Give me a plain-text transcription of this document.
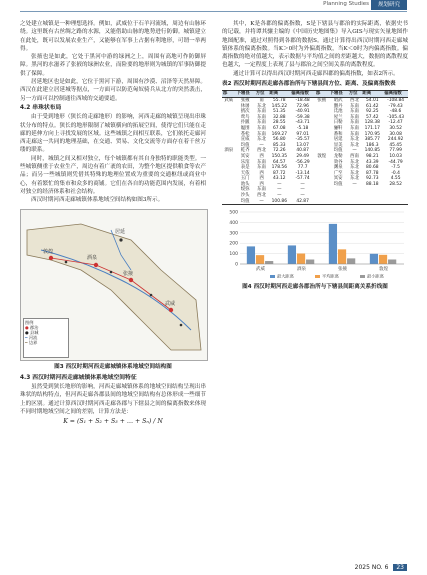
Planning Studies	规划研究

之处建立城镇是一种理想选择。例如，武威位于石羊河流域，周边有山脉环绕。这里既有古丝绸之路的水源，又能借助山脉的地势进行防御。城镇建立在此处，既可以发展农业生产，又能够在军事上占据有利地形，可谓一举两得。

张掖也是如此，它处于黑河中游的绿洲之上，周围有高地可作防御屏障。黑河的水滋养了张掖的绿洲农业，而险要的地形则为城镇的军事防御提供了保障。

居延地区也是如此，它位于黑河下游，周围有沙漠、沼泽等天然屏障。西汉在此建立居延城等据点，一方面可以防范匈奴骑兵从北方的突然袭击，另一方面可以控制通往西域的交通要道。

4.2 串珠状布局

由于受到地形（狭长的走廊地形）的影响，河西走廊的城镇呈现出串珠状分布的特点。狭长的地形限制了城镇横向的拓展空间，使得它们只能在走廊的延伸方向上寻找发展的区域。这些城镇之间相互联系，它们依托走廊河西走廊这一共同的地理基础，在交通、贸易、文化交流等方面存在着千丝万缕的联系。

同时，城镇之间又相对独立，每个城镇都有其自身独特的职能类型。一些城镇侧重于农业生产，周边有着广袤的农田，为整个地区提供粮食等农产品；而另一些城镇则凭借其特殊的地理位置成为重要的交通枢纽或商业中心，有着繁忙的集市和众多的商铺。它们在各自的功能范围内发展，有着相对独立的经济体系和社会结构。

西汉时期河西走廊城镇体系地域空间结构如图3所示。

敦煌
酒泉
张掖
武威
居延
图例
● 郡治
● 县城
━ 河流
━ 边界
图3 西汉时期河西走廊城镇体系地域空间结构图
4.3 西汉时期河西走廊城镇体系地域空间特征

虽然受到狭长地形的影响，河西走廊城镇体系的地域空间结构呈现出串珠状的结构特点，但河西走廊各郡县间的地域空间结构有总体形成一些细节上的区别。通过计算西汉时期河西走廊各郡与下辖县之间的偏离指数来体现不同时期地域空间之间的差别，计算方法是：

K = (S₁ + S₂ + S₃ + … + Sₙ) / N

其中，K是各郡的偏离指数，S是下辖县与郡治的实际距离，依据史书的记载，并将谭其骧主编的《中国历史地图集》导入GIS与现实矢量地图作地图配准，通过对照得到各郡的数据S。通过计算得出西汉时期河西走廊城镇体系的偏离指数。当K＞0时为外偏离指数，当K＜0时为内偏离指数。偏离指数的绝对值越大，表示数据与平均值之间的差距越大，数据的离散程度也越大，一定程度上表现了县与郡治之间空间关系的离散程度。

通过计算可以得出西汉时期河西走廊四郡的偏离指数，如表2所示。

表2 西汉时期河西走廊各郡治所与下辖县间方位、距离、及偏离指数表
郡	下辖县	方位	距离	偏离指数	郡	下辖县	方位	距离	偏离指数
武威	张掖	南	55.78	-18.48	张掖	昭武	西北	54.01	-108.84
	休屠	东北	145.22	72.96		删丹	东南	61.42	-79.43
	揟次	东南	51.35	-40.91		氐池	东南	92.25	-48.6
	鸾鸟	东南	32.88	-59.38		屋兰	东南	57.42	-105.43
	扑㔸	东南	28.55	-43.71		日勒	东南	128.38	-12.47
	媪围	东南	67.08	-5.18		骊靬	东南	171.17	30.52
	苍松	东南	169.27	97.01		番和	东南	170.95	30.08
	宣威	东北	56.80	-35.57		居延	东北	385.77	244.92
	均值	—	85.33	13.07		显美	东北	186.3	45.45
酒泉	乾齐	西北	72.26	40.87		均值	—	140.85	77.99
	冥安	西	150.35	29.49	敦煌	龙勒	西南	98.21	10.03
	乐涫	东南	64.57	-56.29		效谷	东北	43.39	-44.79
	表是	东南	178.56	77.7		渊泉	东北	80.68	-7.5
	天依	西	87.72	-13.14		广至	东北	87.78	-0.4
	玉门	西	43.12	-57.74		冥安	东北	92.73	4.55
	池头	西	—	—		均值	—	88.18	28.52
	绥弥	东南	—	—					
	沙头	西北	—	—					
	均值	—	100.86	42.87					
0
100
200
300
400
500
武威	酒泉	张掖	敦煌
最大距离	平均距离	最小距离
图4 西汉时期河西走廊各郡治所与下辖县间距离关系折线图
2025 NO. 6 23
